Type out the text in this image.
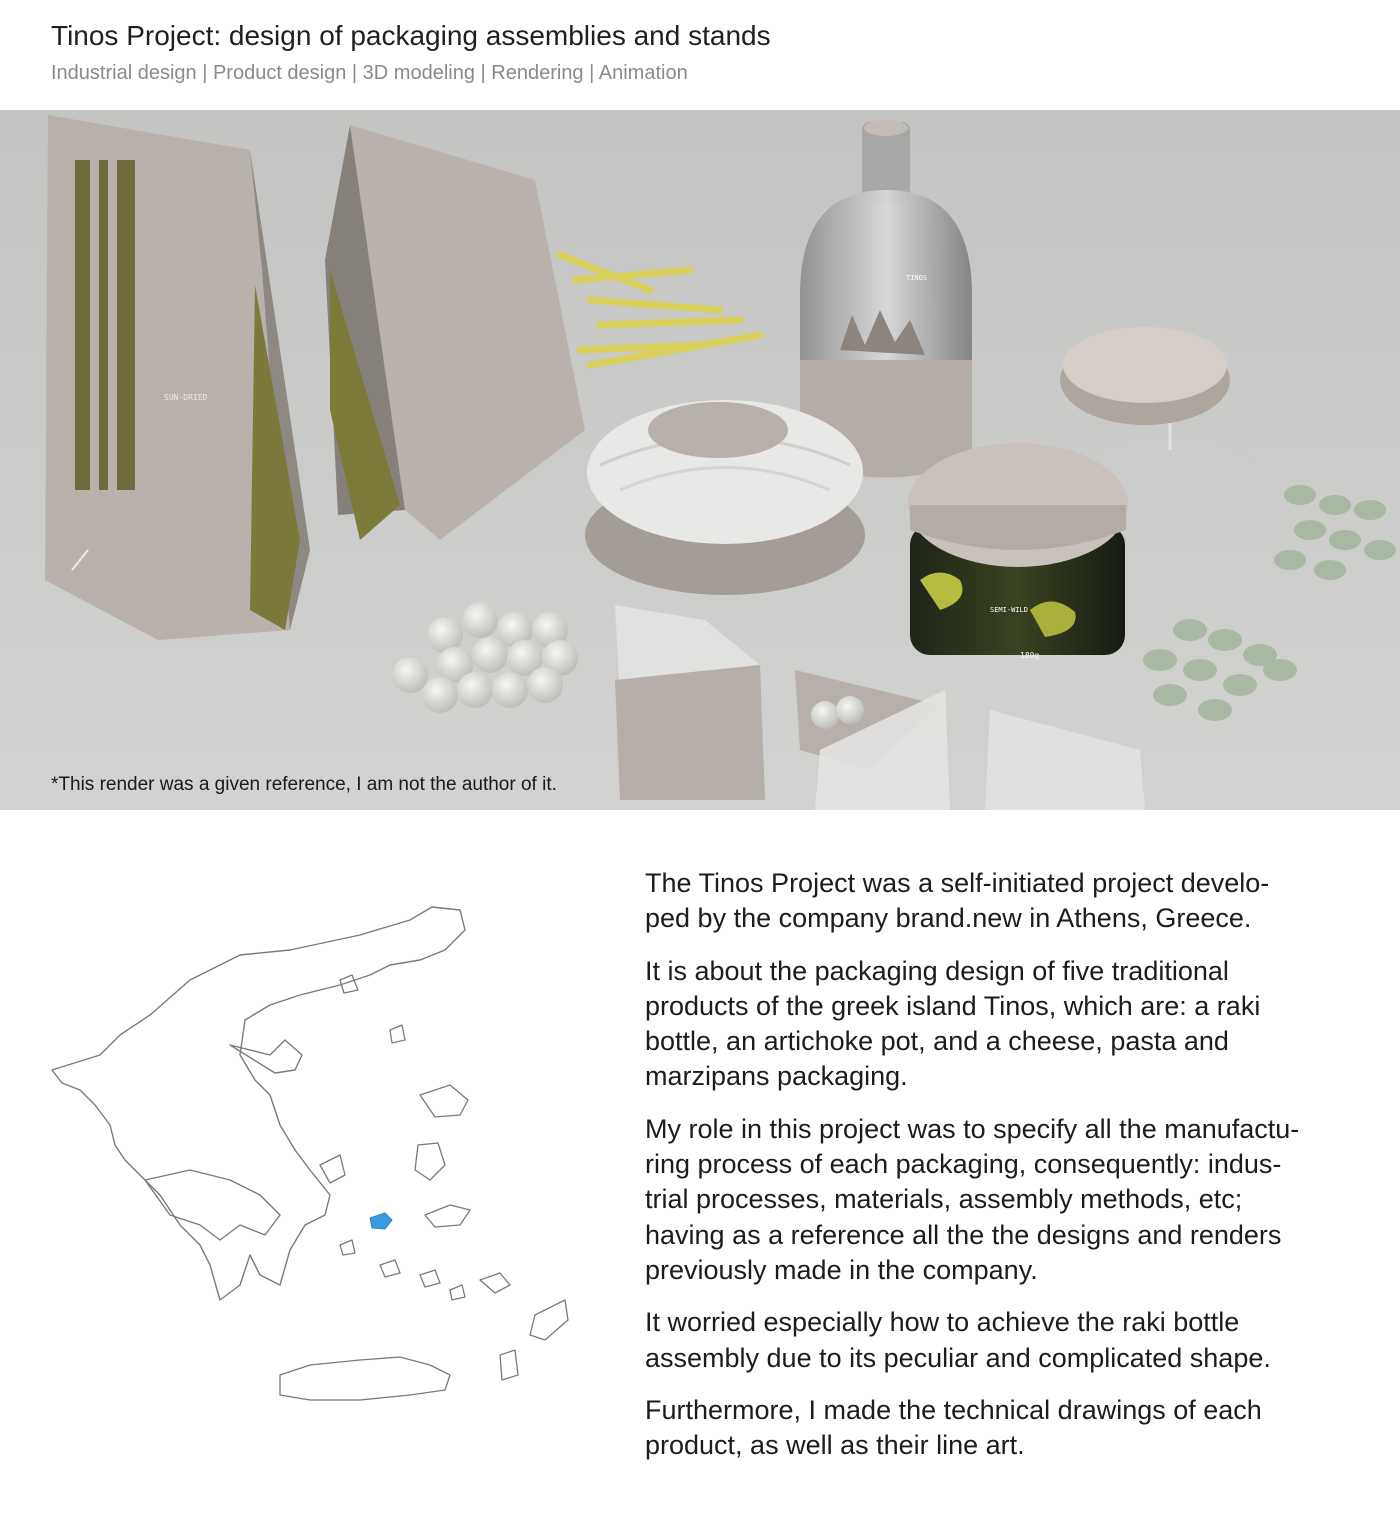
Tinos Project: design of packaging assemblies and stands
Industrial design | Product design | 3D modeling | Rendering | Animation
SUN-DRIED
TINOS
SEMI-WILD
180g
*This render was a given reference, I am not the author of it.

The Tinos Project was a self-initiated project develo-
ped by the company brand.new in Athens, Greece.

It is about the packaging design of five traditional
products of the greek island Tinos, which are: a raki
bottle, an artichoke pot, and a cheese, pasta and
marzipans packaging.

My role in this project was to specify all the manufactu-
ring process of each packaging, consequently: indus-
trial processes, materials, assembly methods, etc;
having as a reference all the the designs and renders
previously made in the company.

It worried especially how to achieve the raki bottle
assembly due to its peculiar and complicated shape.

Furthermore, I made the technical drawings of each
product, as well as their line art.
